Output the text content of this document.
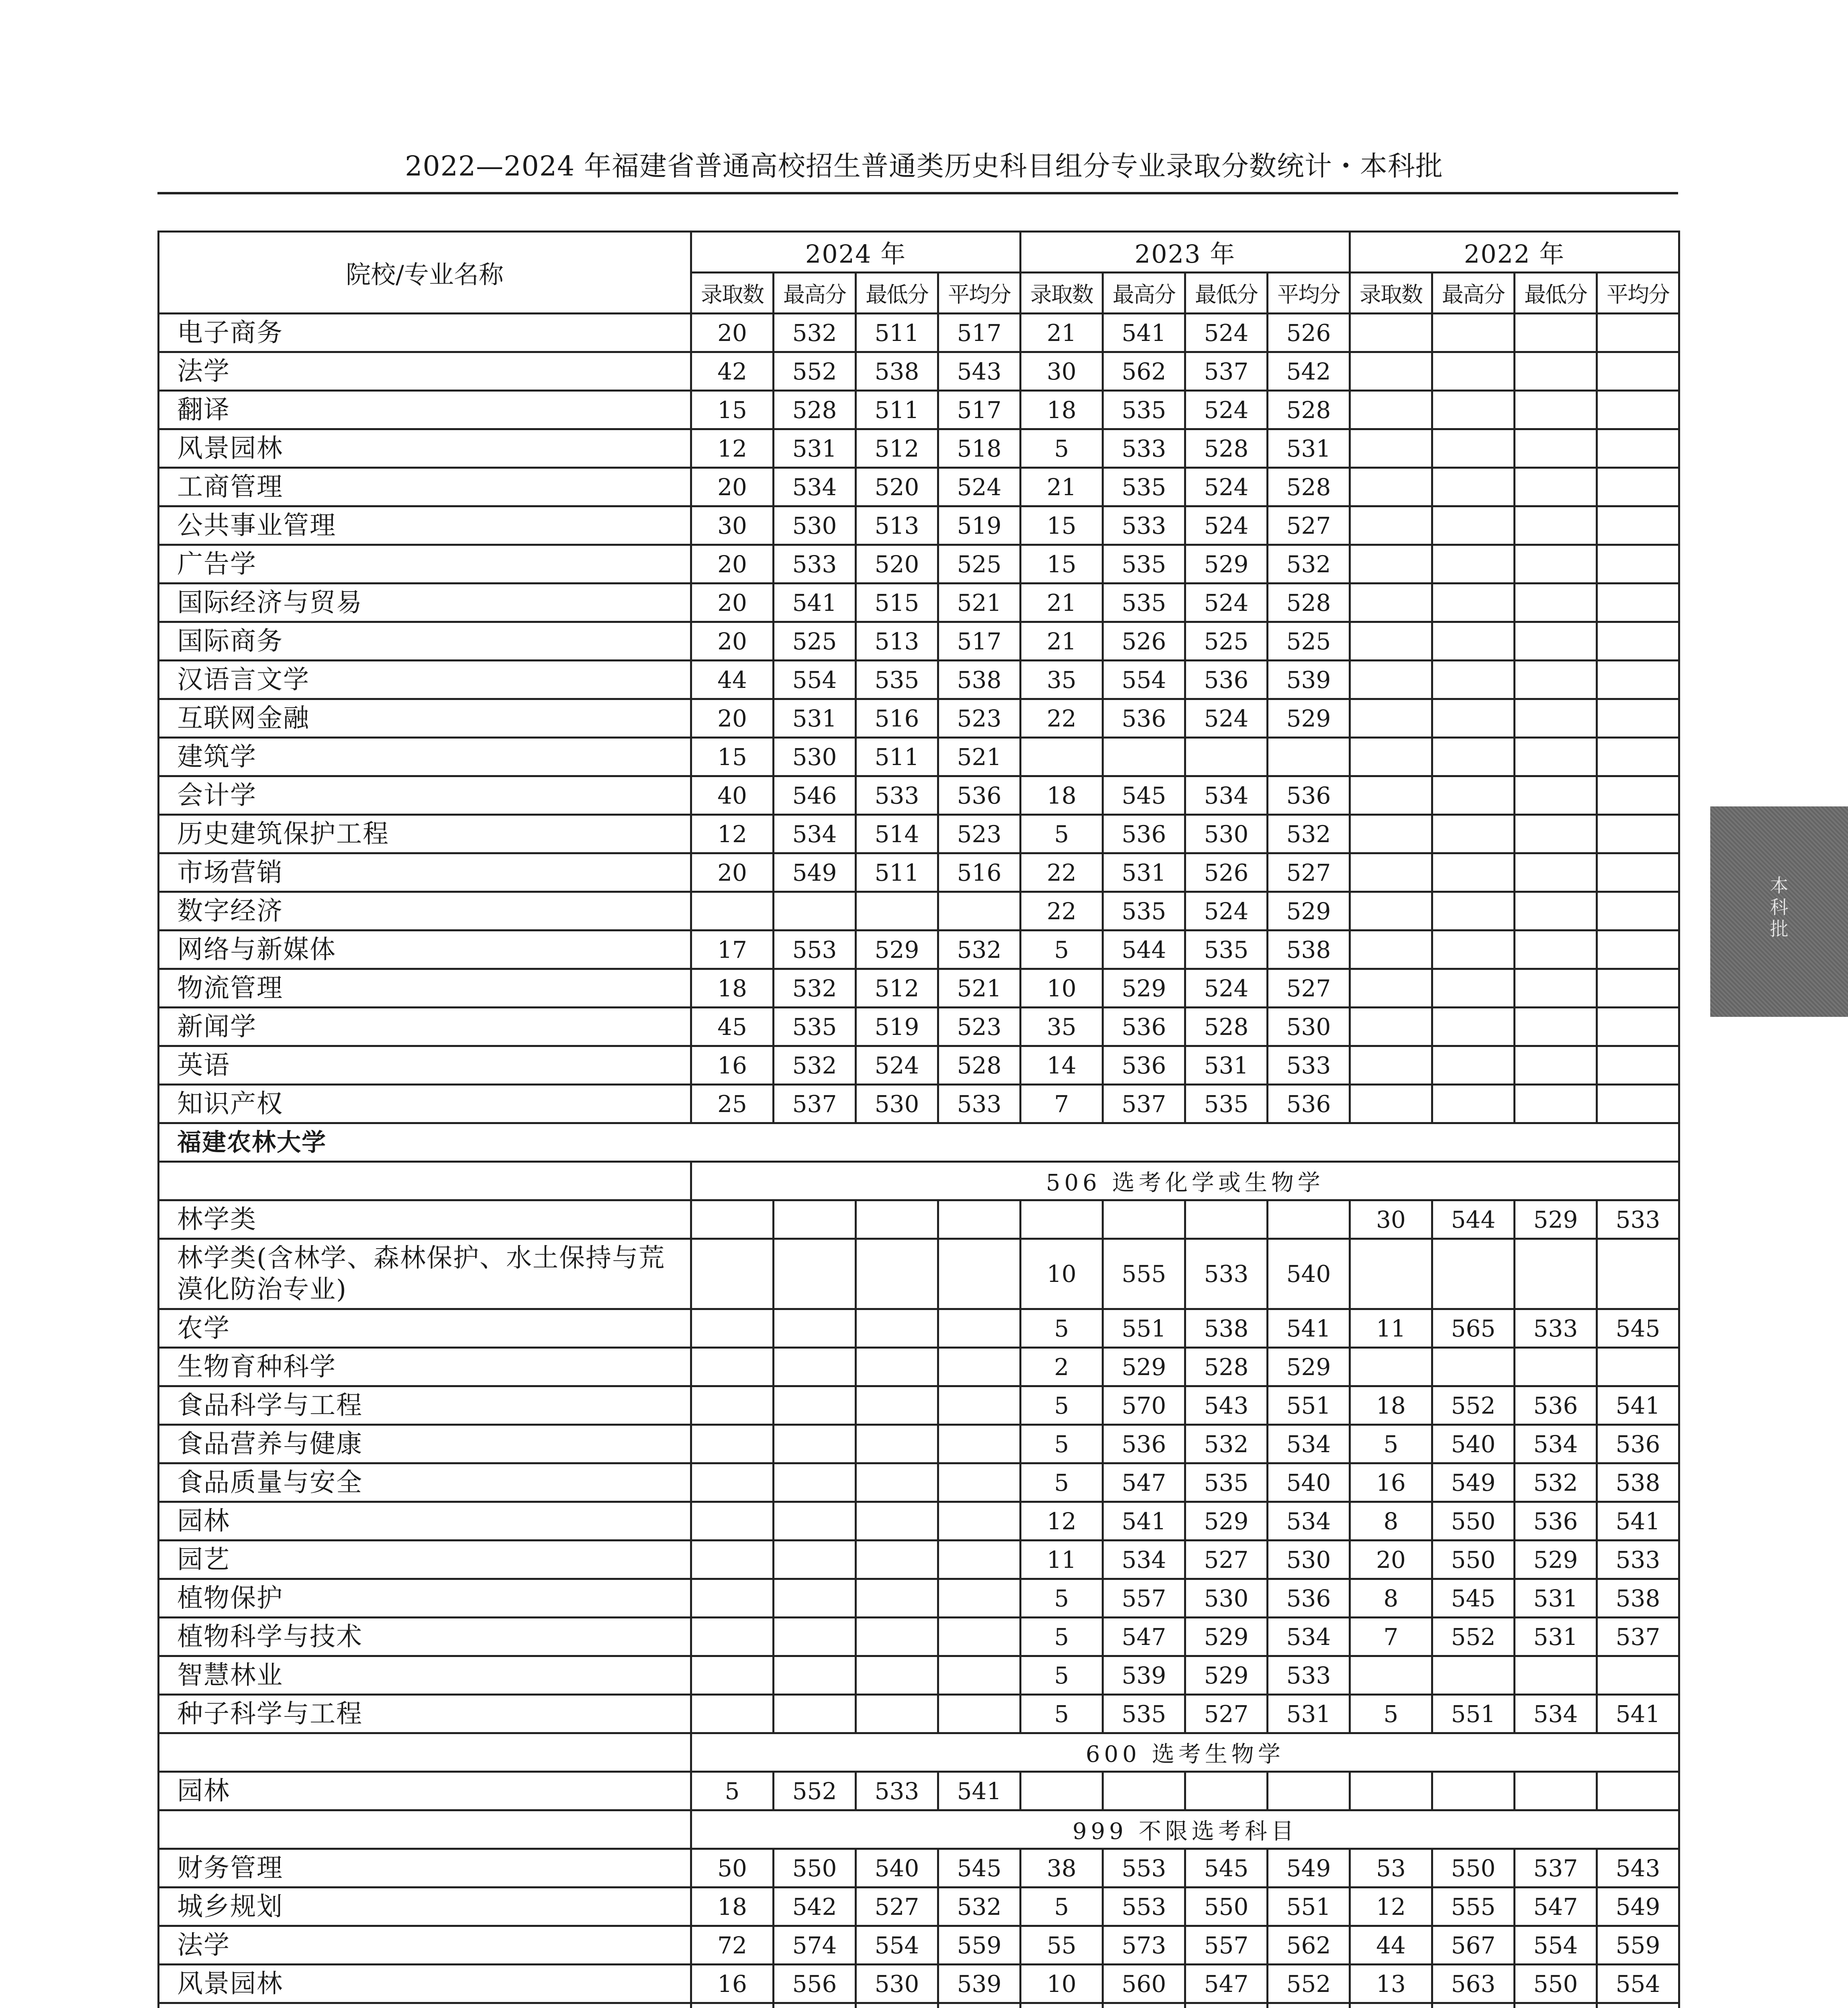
2022—2024 年福建省普通高校招生普通类历史科目组分专业录取分数统计・本科批
院校/专业名称	2024 年				2023 年				2022 年			
	录取数	最高分	最低分	平均分	录取数	最高分	最低分	平均分	录取数	最高分	最低分	平均分
电子商务	20	532	511	517	21	541	524	526				
法学	42	552	538	543	30	562	537	542				
翻译	15	528	511	517	18	535	524	528				
风景园林	12	531	512	518	5	533	528	531				
工商管理	20	534	520	524	21	535	524	528				
公共事业管理	30	530	513	519	15	533	524	527				
广告学	20	533	520	525	15	535	529	532				
国际经济与贸易	20	541	515	521	21	535	524	528				
国际商务	20	525	513	517	21	526	525	525				
汉语言文学	44	554	535	538	35	554	536	539				
互联网金融	20	531	516	523	22	536	524	529				
建筑学	15	530	511	521								
会计学	40	546	533	536	18	545	534	536				
历史建筑保护工程	12	534	514	523	5	536	530	532				
市场营销	20	549	511	516	22	531	526	527				
数字经济					22	535	524	529				
网络与新媒体	17	553	529	532	5	544	535	538				
物流管理	18	532	512	521	10	529	524	527				
新闻学	45	535	519	523	35	536	528	530				
英语	16	532	524	528	14	536	531	533				
知识产权	25	537	530	533	7	537	535	536				
福建农林大学												
	506 选考化学或生物学											
林学类									30	544	529	533
林学类(含林学、森林保护、水土保持与荒漠化防治专业)					10	555	533	540				
农学					5	551	538	541	11	565	533	545
生物育种科学					2	529	528	529				
食品科学与工程					5	570	543	551	18	552	536	541
食品营养与健康					5	536	532	534	5	540	534	536
食品质量与安全					5	547	535	540	16	549	532	538
园林					12	541	529	534	8	550	536	541
园艺					11	534	527	530	20	550	529	533
植物保护					5	557	530	536	8	545	531	538
植物科学与技术					5	547	529	534	7	552	531	537
智慧林业					5	539	529	533				
种子科学与工程					5	535	527	531	5	551	534	541
	600 选考生物学											
园林	5	552	533	541								
	999 不限选考科目											
财务管理	50	550	540	545	38	553	545	549	53	550	537	543
城乡规划	18	542	527	532	5	553	550	551	12	555	547	549
法学	72	574	554	559	55	573	557	562	44	567	554	559
风景园林	16	556	530	539	10	560	547	552	13	563	550	554

本
科
批
